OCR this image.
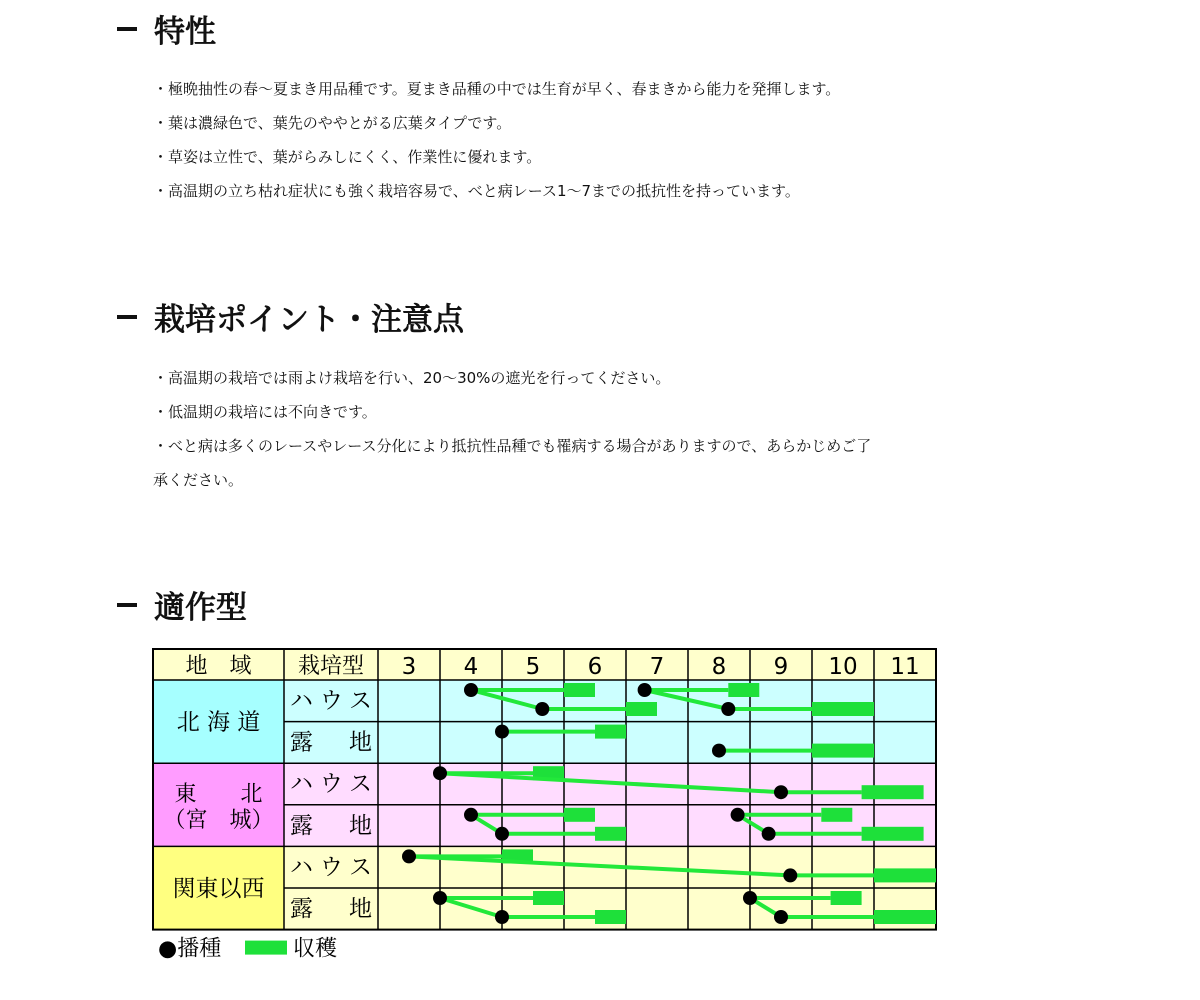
特性

・極晩抽性の春～夏まき用品種です。夏まき品種の中では生育が早く、春まきから能力を発揮します。

・葉は濃緑色で、葉先のややとがる広葉タイプです。

・草姿は立性で、葉がらみしにくく、作業性に優れます。

・高温期の立ち枯れ症状にも強く栽培容易で、べと病レース1～7までの抵抗性を持っています。

栽培ポイント・注意点

・高温期の栽培では雨よけ栽培を行い、20～30%の遮光を行ってください。

・低温期の栽培には不向きです。

・べと病は多くのレースやレース分化により抵抗性品種でも罹病する場合がありますので、あらかじめご了

承ください。

適作型
地　域 栽培型 3 4 5 6 7 8 9 10 11
北 海 道
ハウス
露　地
東　　北
（宮　城）
ハウス
露　地
関東以西
ハウス
露　地
●播種	収穫
